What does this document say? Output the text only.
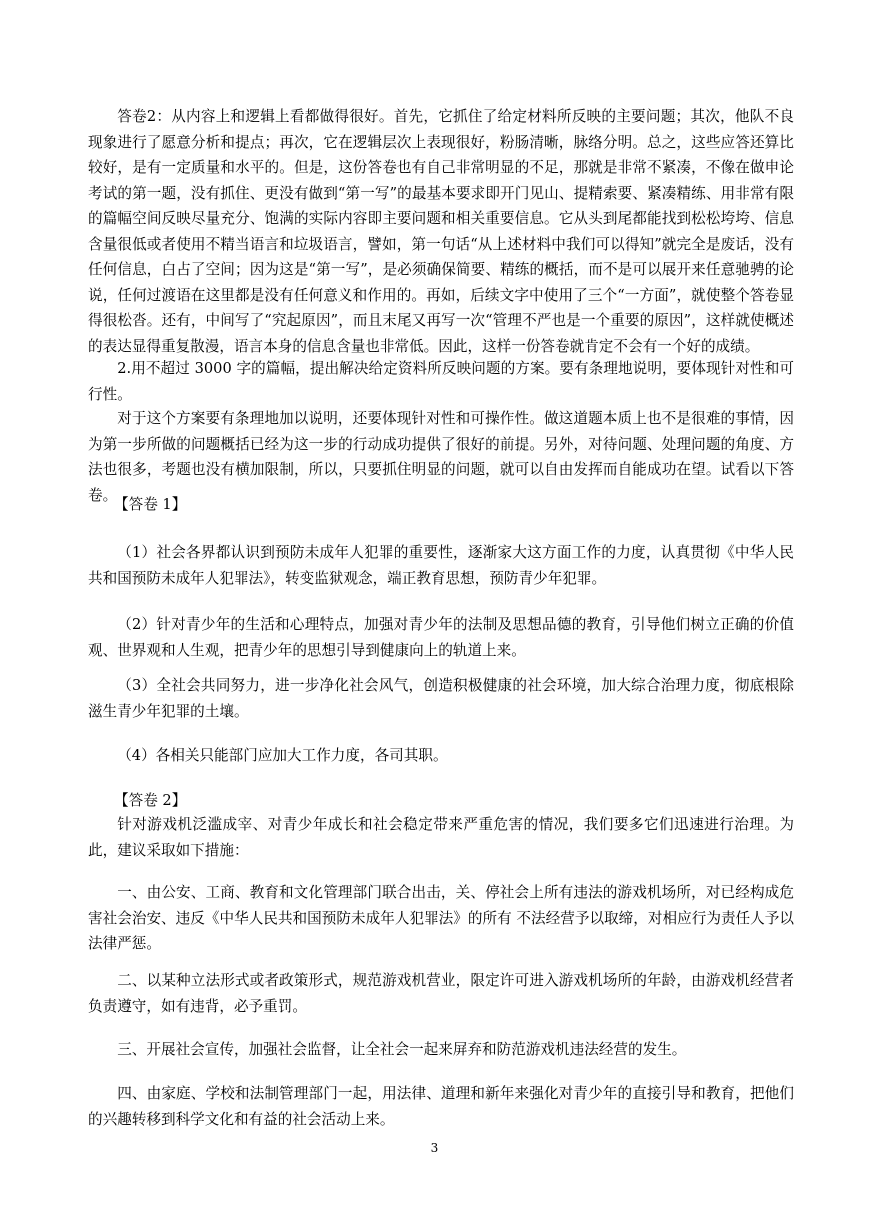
答卷2：从内容上和逻辑上看都做得很好。首先，它抓住了给定材料所反映的主要问题；其次，他队不良现象进行了愿意分析和提点；再次，它在逻辑层次上表现很好，粉肠清晰，脉络分明。总之，这些应答还算比较好，是有一定质量和水平的。但是，这份答卷也有自己非常明显的不足，那就是非常不紧凑，不像在做申论考试的第一题，没有抓住、更没有做到“第一写”的最基本要求即开门见山、提精索要、紧凑精练、用非常有限的篇幅空间反映尽量充分、饱满的实际内容即主要问题和相关重要信息。它从头到尾都能找到松松垮垮、信息含量很低或者使用不精当语言和垃圾语言，譬如，第一句话“从上述材料中我们可以得知”就完全是废话，没有任何信息，白占了空间；因为这是“第一写”，是必须确保简要、精练的概括，而不是可以展开来任意驰骋的论说，任何过渡语在这里都是没有任何意义和作用的。再如，后续文字中使用了三个“一方面”，就使整个答卷显得很松沓。还有，中间写了“究起原因”，而且末尾又再写一次“管理不严也是一个重要的原因”，这样就使概述的表达显得重复散漫，语言本身的信息含量也非常低。因此，这样一份答卷就肯定不会有一个好的成绩。

2.用不超过 3000 字的篇幅，提出解决给定资料所反映问题的方案。要有条理地说明，要体现针对性和可行性。

对于这个方案要有条理地加以说明，还要体现针对性和可操作性。做这道题本质上也不是很难的事情，因为第一步所做的问题概括已经为这一步的行动成功提供了很好的前提。另外，对待问题、处理问题的角度、方法也很多，考题也没有横加限制，所以，只要抓住明显的问题，就可以自由发挥而自能成功在望。试看以下答卷。

【答卷 1】

（1）社会各界都认识到预防未成年人犯罪的重要性，逐渐家大这方面工作的力度，认真贯彻《中华人民共和国预防未成年人犯罪法》，转变监狱观念，端正教育思想，预防青少年犯罪。

（2）针对青少年的生活和心理特点，加强对青少年的法制及思想品德的教育，引导他们树立正确的价值观、世界观和人生观，把青少年的思想引导到健康向上的轨道上来。

（3）全社会共同努力，进一步净化社会风气，创造积极健康的社会环境，加大综合治理力度，彻底根除滋生青少年犯罪的土壤。

（4）各相关只能部门应加大工作力度，各司其职。

【答卷 2】

针对游戏机泛滥成宰、对青少年成长和社会稳定带来严重危害的情况，我们要多它们迅速进行治理。为此，建议采取如下措施：

一、由公安、工商、教育和文化管理部门联合出击，关、停社会上所有违法的游戏机场所，对已经构成危害社会治安、违反《中华人民共和国预防未成年人犯罪法》的所有 不法经营予以取缔，对相应行为责任人予以法律严惩。

二、以某种立法形式或者政策形式，规范游戏机营业，限定许可进入游戏机场所的年龄，由游戏机经营者负责遵守，如有违背，必予重罚。

三、开展社会宣传，加强社会监督，让全社会一起来屏弃和防范游戏机违法经营的发生。

四、由家庭、学校和法制管理部门一起，用法律、道理和新年来强化对青少年的直接引导和教育，把他们的兴趣转移到科学文化和有益的社会活动上来。

3
